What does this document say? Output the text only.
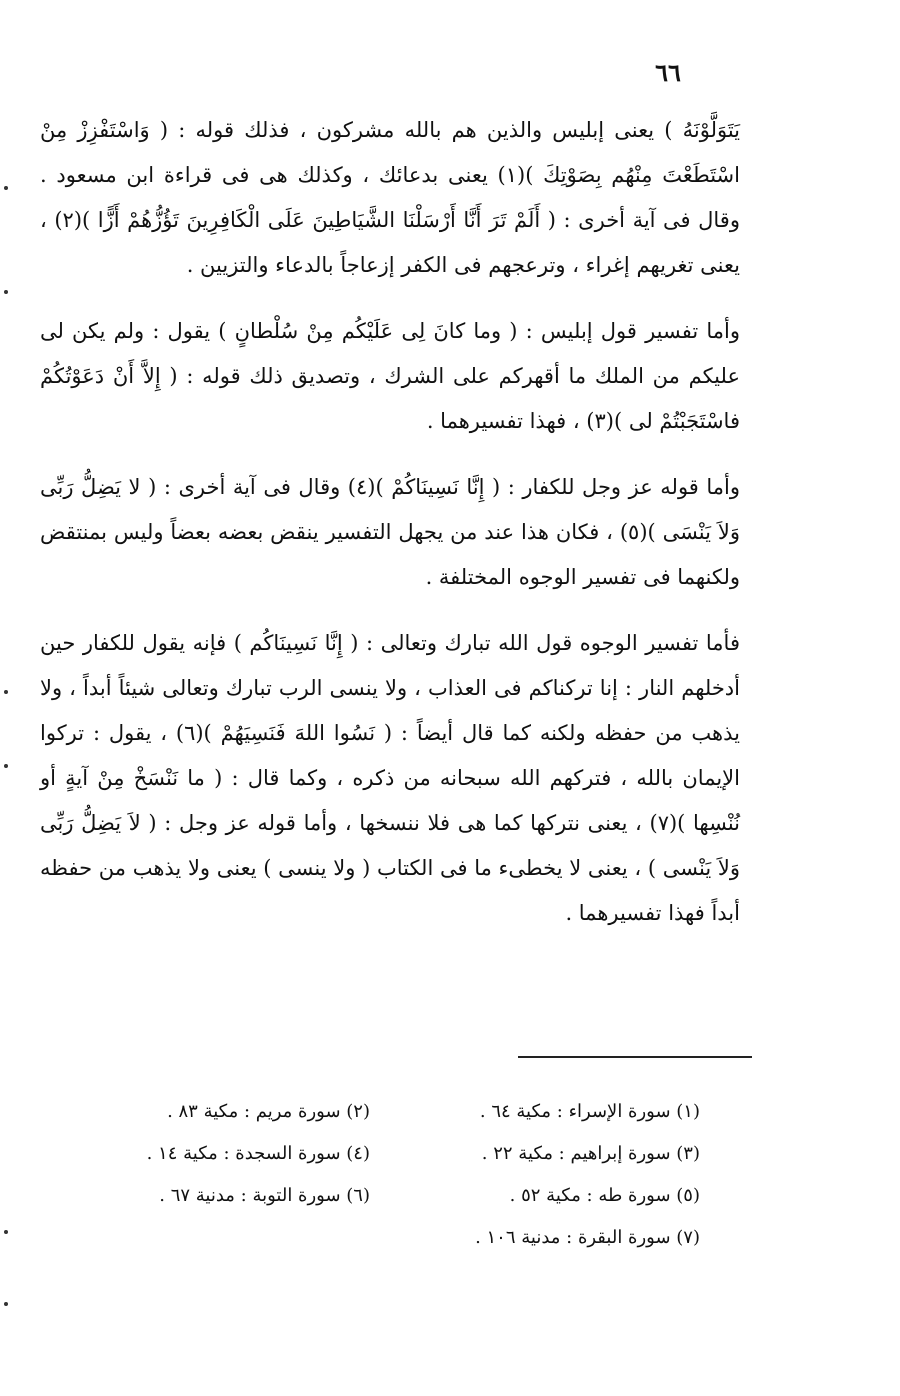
٦٦

يَتَوَلَّوْنَهُ ) يعنى إبليس والذين هم بالله مشركون ، فذلك قوله : ( وَاسْتَفْزِزْ مِنْ اسْتَطَعْتَ مِنْهُم بِصَوْتِكَ )(١) يعنى بدعائك ، وكذلك هى فى قراءة ابن مسعود . وقال فى آية أخرى : ( أَلَمْ تَرَ أَنَّا أَرْسَلْنَا الشَّيَاطِينَ عَلَى الْكَافِرِينَ تَؤُزُّهُمْ أَزًّا )(٢) ، يعنى تغريهم إغراء ، وترعجهم فى الكفر إزعاجاً بالدعاء والتزيين .

وأما تفسير قول إبليس : ( وما كانَ لِى عَلَيْكُم مِنْ سُلْطانٍ ) يقول : ولم يكن لى عليكم من الملك ما أقهركم على الشرك ، وتصديق ذلك قوله : ( إِلاَّ أَنْ دَعَوْتُكُمْ فاسْتَجَبْتُمْ لى )(٣) ، فهذا تفسيرهما .

وأما قوله عز وجل للكفار : ( إِنَّا نَسِينَاكُمْ )(٤) وقال فى آية أخرى : ( لا يَضِلُّ رَبِّى وَلاَ يَنْسَى )(٥) ، فكان هذا عند من يجهل التفسير ينقض بعضه بعضاً وليس بمنتقض ولكنهما فى تفسير الوجوه المختلفة .

فأما تفسير الوجوه قول الله تبارك وتعالى : ( إِنَّا نَسِينَاكُم ) فإنه يقول للكفار حين أدخلهم النار : إنا تركناكم فى العذاب ، ولا ينسى الرب تبارك وتعالى شيئاً أبداً ، ولا يذهب من حفظه ولكنه كما قال أيضاً : ( نَسُوا اللهَ فَنَسِيَهُمْ )(٦) ، يقول : تركوا الإيمان بالله ، فتركهم الله سبحانه من ذكره ، وكما قال : ( ما نَنْسَخْ مِنْ آيةٍ أو نُنْسِها )(٧) ، يعنى نتركها كما هى فلا ننسخها ، وأما قوله عز وجل : ( لاَ يَضِلُّ رَبِّى وَلاَ يَنْسى ) ، يعنى لا يخطىء ما فى الكتاب ( ولا ينسى ) يعنى ولا يذهب من حفظه أبداً فهذا تفسيرهما .

(١) سورة الإسراء : مكية ٦٤ .
(٢) سورة مريم : مكية ٨٣ .
(٣) سورة إبراهيم : مكية ٢٢ .
(٤) سورة السجدة : مكية ١٤ .
(٥) سورة طه : مكية ٥٢ .
(٦) سورة التوبة : مدنية ٦٧ .
(٧) سورة البقرة : مدنية ١٠٦ .
